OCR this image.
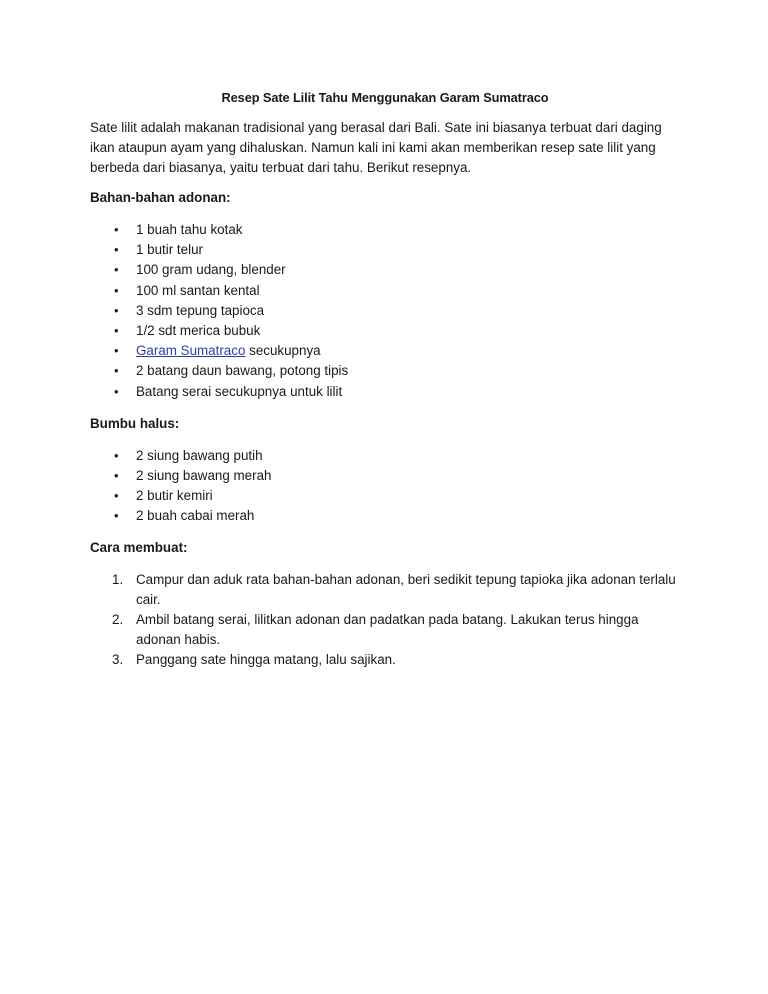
Resep Sate Lilit Tahu Menggunakan Garam Sumatraco

Sate lilit adalah makanan tradisional yang berasal dari Bali. Sate ini biasanya terbuat dari daging ikan ataupun ayam yang dihaluskan. Namun kali ini kami akan memberikan resep sate lilit yang berbeda dari biasanya, yaitu terbuat dari tahu. Berikut resepnya.

Bahan-bahan adonan:

• 1 buah tahu kotak
• 1 butir telur
• 100 gram udang, blender
• 100 ml santan kental
• 3 sdm tepung tapioca
• 1/2 sdt merica bubuk
• Garam Sumatraco secukupnya
• 2 batang daun bawang, potong tipis
• Batang serai secukupnya untuk lilit

Bumbu halus:

• 2 siung bawang putih
• 2 siung bawang merah
• 2 butir kemiri
• 2 buah cabai merah

Cara membuat:

1. Campur dan aduk rata bahan-bahan adonan, beri sedikit tepung tapioka jika adonan terlalu cair.
2. Ambil batang serai, lilitkan adonan dan padatkan pada batang. Lakukan terus hingga adonan habis.
3. Panggang sate hingga matang, lalu sajikan.
